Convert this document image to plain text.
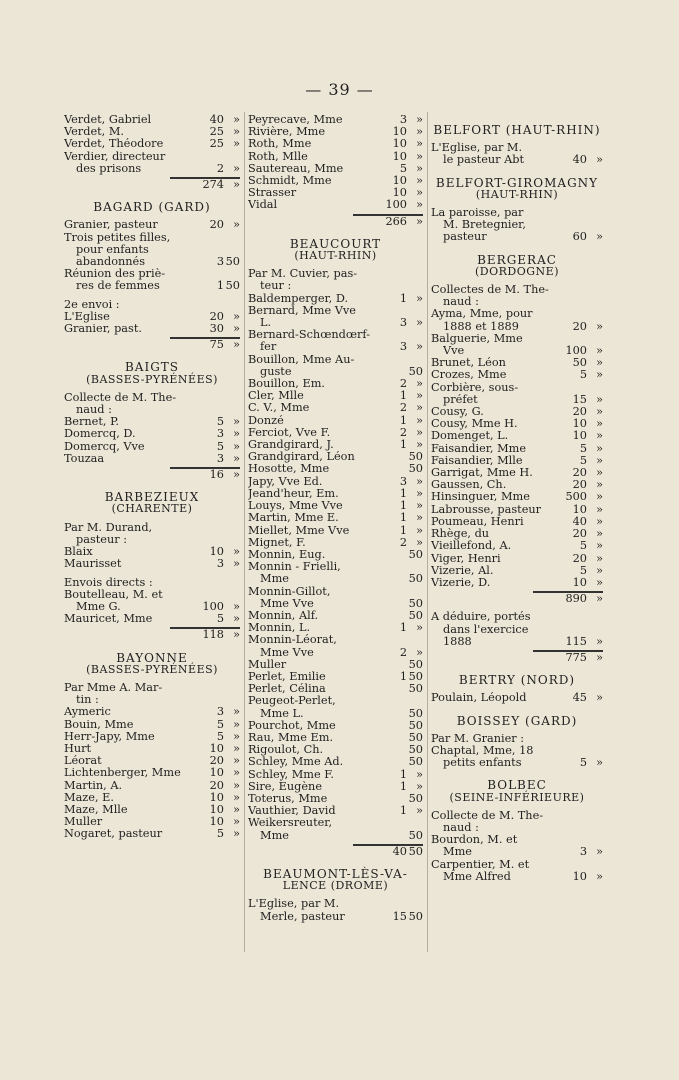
— 39 —
Verdet, Gabriel	40 »
Verdet, M.	25 »
Verdet, Théodore	25 »
Verdier, directeur
des prisons	2 »
274 »
BAGARD (GARD)
Granier, pasteur	20 »
Trois petites filles,
pour enfants
abandonnés	3 50
Réunion des priè-
res de femmes	1 50
2e envoi :
L'Eglise	20 »
Granier, past.	30 »
75 »
BAIGTS
(BASSES-PYRÉNÉES)
Collecte de M. The-
naud :
Bernet, P.	5 »
Domercq, D.	3 »
Domercq, Vve	5 »
Touzaa	3 »
16 »
BARBEZIEUX
(CHARENTE)
Par M. Durand,
pasteur :
Blaix	10 »
Maurisset	3 »
Envois directs :
Boutelleau, M. et
Mme G.	100 »
Mauricet, Mme	5 »
118 »
BAYONNE
(BASSES-PYRÉNÉES)
Par Mme A. Mar-
tin :
Aymeric	3 »
Bouin, Mme	5 »
Herr-Japy, Mme	5 »
Hurt	10 »
Léorat	20 »
Lichtenberger, Mme	10 »
Martin, A.	20 »
Maze, E.	10 »
Maze, Mlle	10 »
Muller	10 »
Nogaret, pasteur	5 »
Peyrecave, Mme	3 »
Rivière, Mme	10 »
Roth, Mme	10 »
Roth, Mlle	10 »
Sautereau, Mme	5 »
Schmidt, Mme	10 »
Strasser	10 »
Vidal	100 »
266 »
BEAUCOURT
(HAUT-RHIN)
Par M. Cuvier, pas-
teur :
Baldemperger, D.	1 »
Bernard, Mme Vve
L.	3 »
Bernard-Schœndœrf-
fer	3 »
Bouillon, Mme Au-
guste	50
Bouillon, Em.	2 »
Cler, Mlle	1 »
C. V., Mme	2 »
Donzé	1 »
Ferciot, Vve F.	2 »
Grandgirard, J.	1 »
Grandgirard, Léon	50
Hosotte, Mme	50
Japy, Vve Ed.	3 »
Jeand'heur, Em.	1 »
Louys, Mme Vve	1 »
Martin, Mme E.	1 »
Miellet, Mme Vve	1 »
Mignet, F.	2 »
Monnin, Eug.	50
Monnin - Frielli,
Mme	50
Monnin-Gillot,
Mme Vve	50
Monnin, Alf.	50
Monnin, L.	1 »
Monnin-Léorat,
Mme Vve	2 »
Muller	50
Perlet, Emilie	1 50
Perlet, Célina	50
Peugeot-Perlet,
Mme L.	50
Pourchot, Mme	50
Rau, Mme Em.	50
Rigoulot, Ch.	50
Schley, Mme Ad.	50
Schley, Mme F.	1 »
Sire, Eugène	1 »
Toterus, Mme	50
Vauthier, David	1 »
Weikersreuter,
Mme	50
40 50
BEAUMONT-LÈS-VA-
LENCE (DROME)
L'Eglise, par M.
Merle, pasteur	15 50
BELFORT (HAUT-RHIN)
L'Eglise, par M.
le pasteur Abt	40 »
BELFORT-GIROMAGNY
(HAUT-RHIN)
La paroisse, par
M. Bretegnier,
pasteur	60 »
BERGERAC
(DORDOGNE)
Collectes de M. The-
naud :
Ayma, Mme, pour
1888 et 1889	20 »
Balguerie, Mme
Vve	100 »
Brunet, Léon	50 »
Crozes, Mme	5 »
Corbière, sous-
préfet	15 »
Cousy, G.	20 »
Cousy, Mme H.	10 »
Domenget, L.	10 »
Faisandier, Mme	5 »
Faisandier, Mlle	5 »
Garrigat, Mme H.	20 »
Gaussen, Ch.	20 »
Hinsinguer, Mme	500 »
Labrousse, pasteur	10 »
Poumeau, Henri	40 »
Rhège, du	20 »
Vieillefond, A.	5 »
Viger, Henri	20 »
Vizerie, Al.	5 »
Vizerie, D.	10 »
890 »
A déduire, portés
dans l'exercice
1888	115 »
775 »
BERTRY (NORD)
Poulain, Léopold	45 »
BOISSEY (GARD)
Par M. Granier :
Chaptal, Mme, 18
petits enfants	5 »
BOLBEC
(SEINE-INFÉRIEURE)
Collecte de M. The-
naud :
Bourdon, M. et
Mme	3 »
Carpentier, M. et
Mme Alfred	10 »
